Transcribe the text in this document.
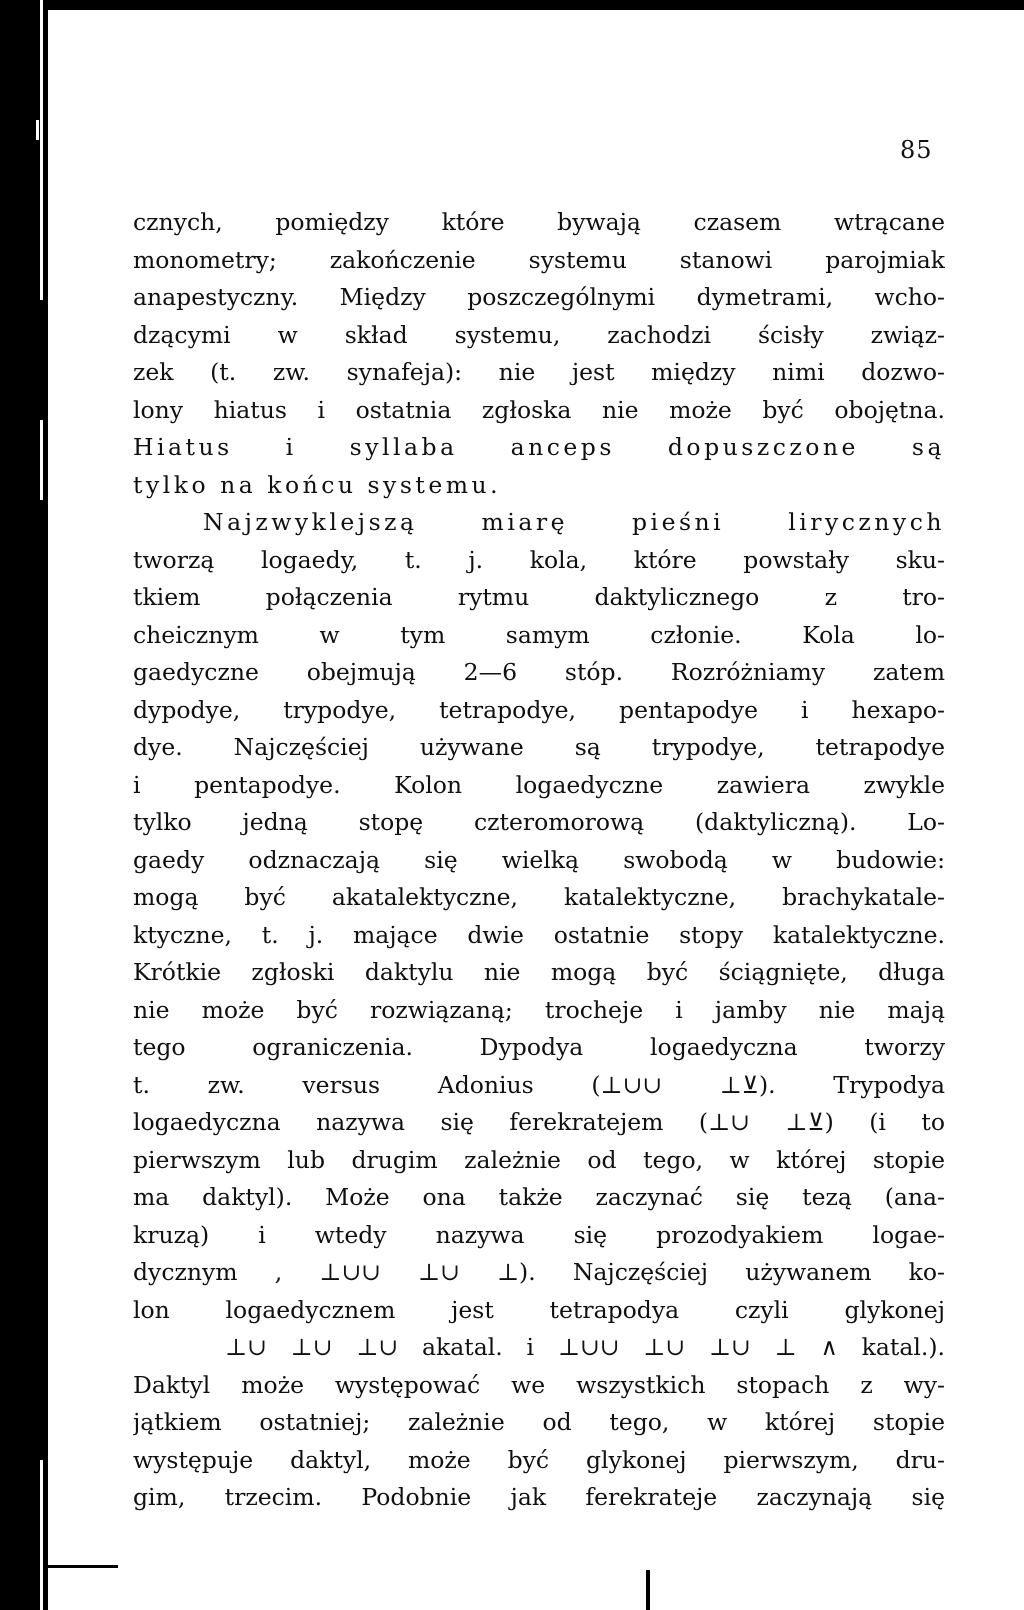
85
cznych, pomiędzy które bywają czasem wtrącane
monometry; zakończenie systemu stanowi parojmiak
anapestyczny. Między poszczególnymi dymetrami, wcho-
dzącymi w skład systemu, zachodzi ścisły związ-
zek (t. zw. synafeja): nie jest między nimi dozwo-
lony hiatus i ostatnia zgłoska nie może być obojętna.
Hiatus i syllaba anceps dopuszczone są
tylko na końcu systemu.
Najzwyklejszą miarę pieśni lirycznych
tworzą logaedy, t. j. kola, które powstały sku-
tkiem połączenia rytmu daktylicznego z tro-
cheicznym w tym samym członie. Kola lo-
gaedyczne obejmują 2—6 stóp. Rozróżniamy zatem
dypodye, trypodye, tetrapodye, pentapodye i hexapo-
dye. Najczęściej używane są trypodye, tetrapodye
i pentapodye. Kolon logaedyczne zawiera zwykle
tylko jedną stopę czteromorową (daktyliczną). Lo-
gaedy odznaczają się wielką swobodą w budowie:
mogą być akatalektyczne, katalektyczne, brachykatale-
ktyczne, t. j. mające dwie ostatnie stopy katalektyczne.
Krótkie zgłoski daktylu nie mogą być ściągnięte, długa
nie może być rozwiązaną; trocheje i jamby nie mają
tego ograniczenia. Dypodya logaedyczna tworzy
t. zw. versus Adonius (⊥∪∪ ⊥⊻). Trypodya
logaedyczna nazywa się ferekratejem (⊥∪ ⊥⊻) (i to
pierwszym lub drugim zależnie od tego, w której stopie
ma daktyl). Może ona także zaczynać się tezą (ana-
kruzą) i wtedy nazywa się prozodyakiem logae-
dycznym , ⊥∪∪ ⊥∪ ⊥). Najczęściej używanem ko-
lon logaedycznem jest tetrapodya czyli glykonej
⊥∪ ⊥∪ ⊥∪ akatal. i ⊥∪∪ ⊥∪ ⊥∪ ⊥ ∧ katal.).
Daktyl może występować we wszystkich stopach z wy-
jątkiem ostatniej; zależnie od tego, w której stopie
występuje daktyl, może być glykonej pierwszym, dru-
gim, trzecim. Podobnie jak ferekrateje zaczynają się
